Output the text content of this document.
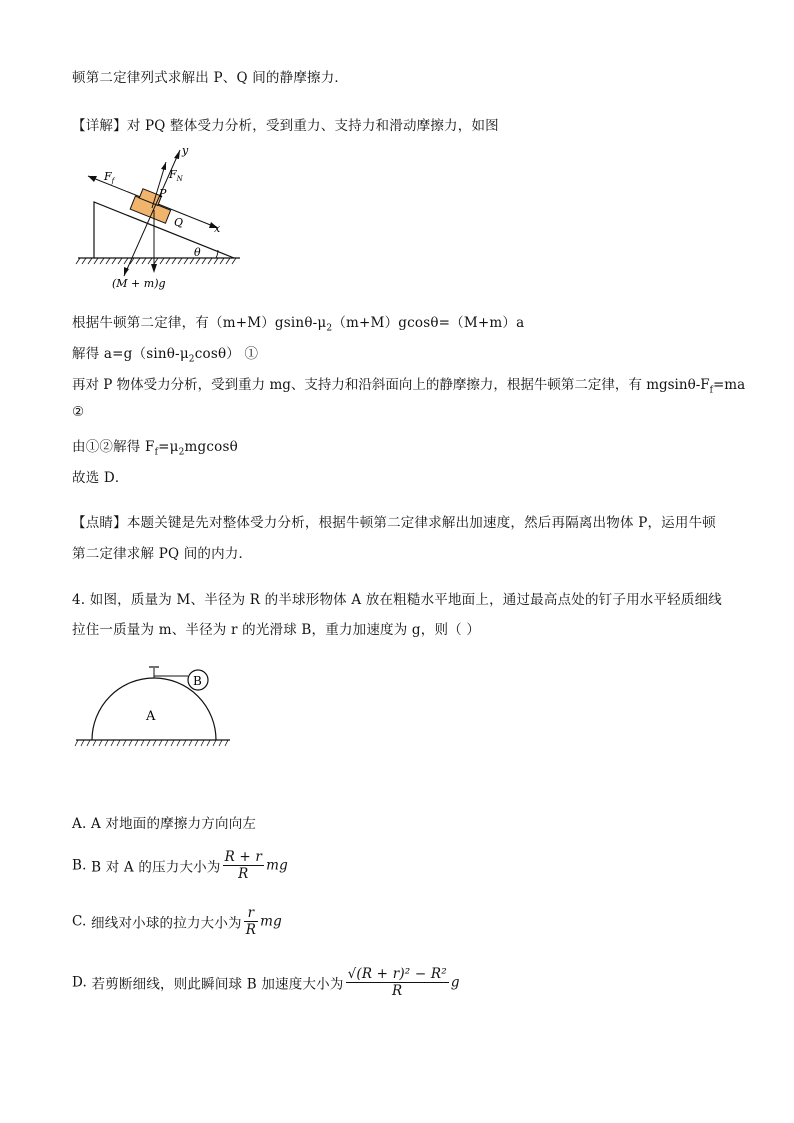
顿第二定律列式求解出 P、Q 间的静摩擦力．
【详解】对 PQ 整体受力分析，受到重力、支持力和滑动摩擦力，如图
y
$F_N$
$F_f$
P
Q	x
θ
(M + m)g
根据牛顿第二定律，有$(m+M)gsin\theta-\mu_2(m+M)gcos\theta=(M+m)a$
解得 $a=g(\sin\theta-\mu_2\cos\theta)$ ①
再对 P 物体受力分析，受到重力 mg、支持力和沿斜面向上的静摩擦力，根据牛顿第二定律，有 mgsinθ-$F_f=ma$
②
由①②解得 $F_f=\mu_2mgcos\theta$
故选 D．
【点睛】本题关键是先对整体受力分析，根据牛顿第二定律求解出加速度，然后再隔离出物体 P，运用牛顿
第二定律求解 PQ 间的内力．
4. 如图，质量为 M、半径为 R 的半球形物体 A 放在粗糙水平地面上，通过最高点处的钉子用水平轻质细线
拉住一质量为 m、半径为 r 的光滑球 B，重力加速度为 g，则（ ）
B
A
A. A 对地面的摩擦力方向向左
B. B 对 A 的压力大小为 $\frac{R + r}{R}$ mg
C. 细线对小球的拉力大小为 $\frac{r}{R}$ mg
D. 若剪断细线，则此瞬间球 B 加速度大小为 $\frac{\text{√(R + r)² − R²}}{R}$ g
